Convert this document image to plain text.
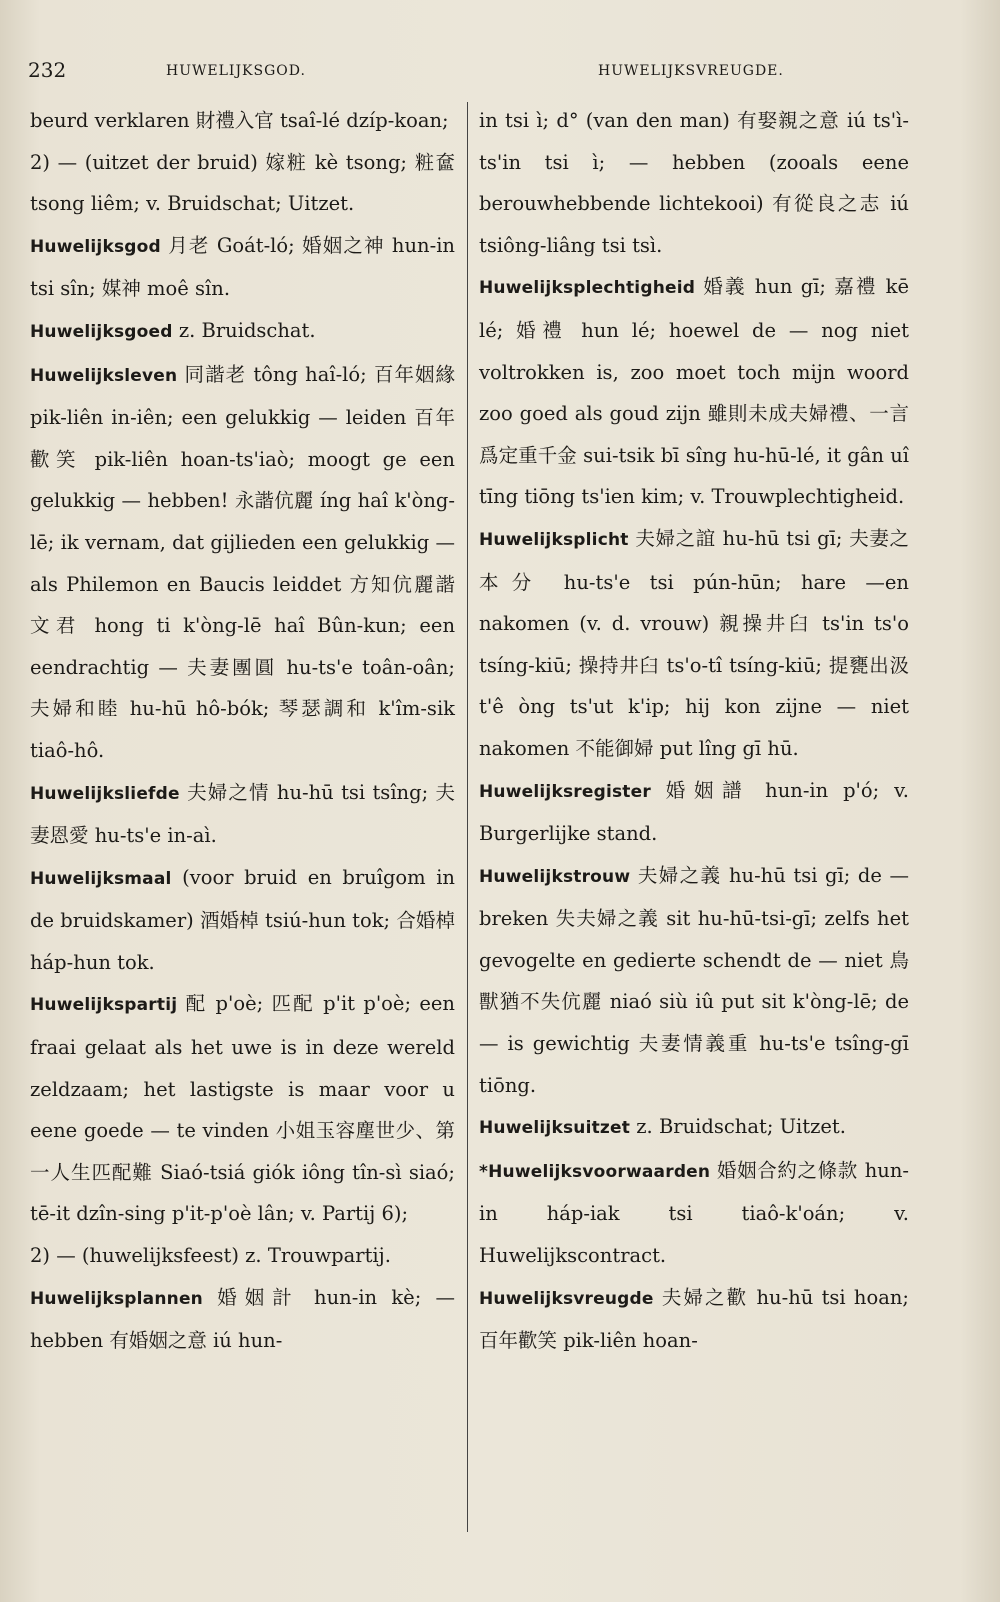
232	HUWELIJKSGOD.	HUWELIJKSVREUGDE.

beurd verklaren 財禮入官 tsaî-lé dzíp-koan;

2) — (uitzet der bruid) 嫁粧 kè tsong; 粧奩 tsong liêm; v. Bruidschat; Uitzet.

Huwelijksgod 月老 Goát-ló; 婚姻之神 hun-in tsi sîn; 媒神 moê sîn.

Huwelijksgoed z. Bruidschat.

Huwelijksleven 同諧老 tông haî-ló; 百年姻緣 pik-liên in-iên; een gelukkig — leiden 百年歡笑 pik-liên hoan-ts'iaò; moogt ge een gelukkig — hebben! 永諧伉麗 íng haî k'òng-lē; ik vernam, dat gijlieden een gelukkig — als Philemon en Baucis leiddet 方知伉麗諧文君 hong ti k'òng-lē haî Bûn-kun; een eendrachtig — 夫妻團圓 hu-ts'e toân-oân; 夫婦和睦 hu-hū hô-bók; 琴瑟調和 k'îm-sik tiaô-hô.

Huwelijksliefde 夫婦之情 hu-hū tsi tsîng; 夫妻恩愛 hu-ts'e in-aì.

Huwelijksmaal (voor bruid en bruîgom in de bruidskamer) 酒婚棹 tsiú-hun tok; 合婚棹 háp-hun tok.

Huwelijkspartij 配 p'oè; 匹配 p'it p'oè; een fraai gelaat als het uwe is in deze wereld zeldzaam; het lastigste is maar voor u eene goede — te vinden 小姐玉容塵世少、第一人生匹配難 Siaó-tsiá giók iông tîn-sì siaó; tē-it dzîn-sing p'it-p'oè lân; v. Partij 6);

2) — (huwelijksfeest) z. Trouwpartij.

Huwelijksplannen 婚姻計 hun-in kè; — hebben 有婚姻之意 iú hun-

in tsi ì; d° (van den man) 有娶親之意 iú ts'ì-ts'in tsi ì; — hebben (zooals eene berouwhebbende lichtekooi) 有從良之志 iú tsiông-liâng tsi tsì.

Huwelijksplechtigheid 婚義 hun gī; 嘉禮 kē lé; 婚禮 hun lé; hoewel de — nog niet voltrokken is, zoo moet toch mijn woord zoo goed als goud zijn 雖則未成夫婦禮、一言爲定重千金 sui-tsik bī sîng hu-hū-lé, it gân uî tīng tiōng ts'ien kim; v. Trouwplechtigheid.

Huwelijksplicht 夫婦之誼 hu-hū tsi gī; 夫妻之本分 hu-ts'e tsi pún-hūn; hare —en nakomen (v. d. vrouw) 親操井臼 ts'in ts'o tsíng-kiū; 操持井臼 ts'o-tî tsíng-kiū; 提甕出汲 t'ê òng ts'ut k'ip; hij kon zijne — niet nakomen 不能御婦 put lîng gī hū.

Huwelijksregister 婚姻譜 hun-in p'ó; v. Burgerlijke stand.

Huwelijkstrouw 夫婦之義 hu-hū tsi gī; de — breken 失夫婦之義 sit hu-hū-tsi-gī; zelfs het gevogelte en gedierte schendt de — niet 鳥獸猶不失伉麗 niaó siù iû put sit k'òng-lē; de — is gewichtig 夫妻情義重 hu-ts'e tsîng-gī tiōng.

Huwelijksuitzet z. Bruidschat; Uitzet.

*Huwelijksvoorwaarden 婚姻合約之條款 hun-in háp-iak tsi tiaô-k'oán; v. Huwelijkscontract.

Huwelijksvreugde 夫婦之歡 hu-hū tsi hoan; 百年歡笑 pik-liên hoan-
